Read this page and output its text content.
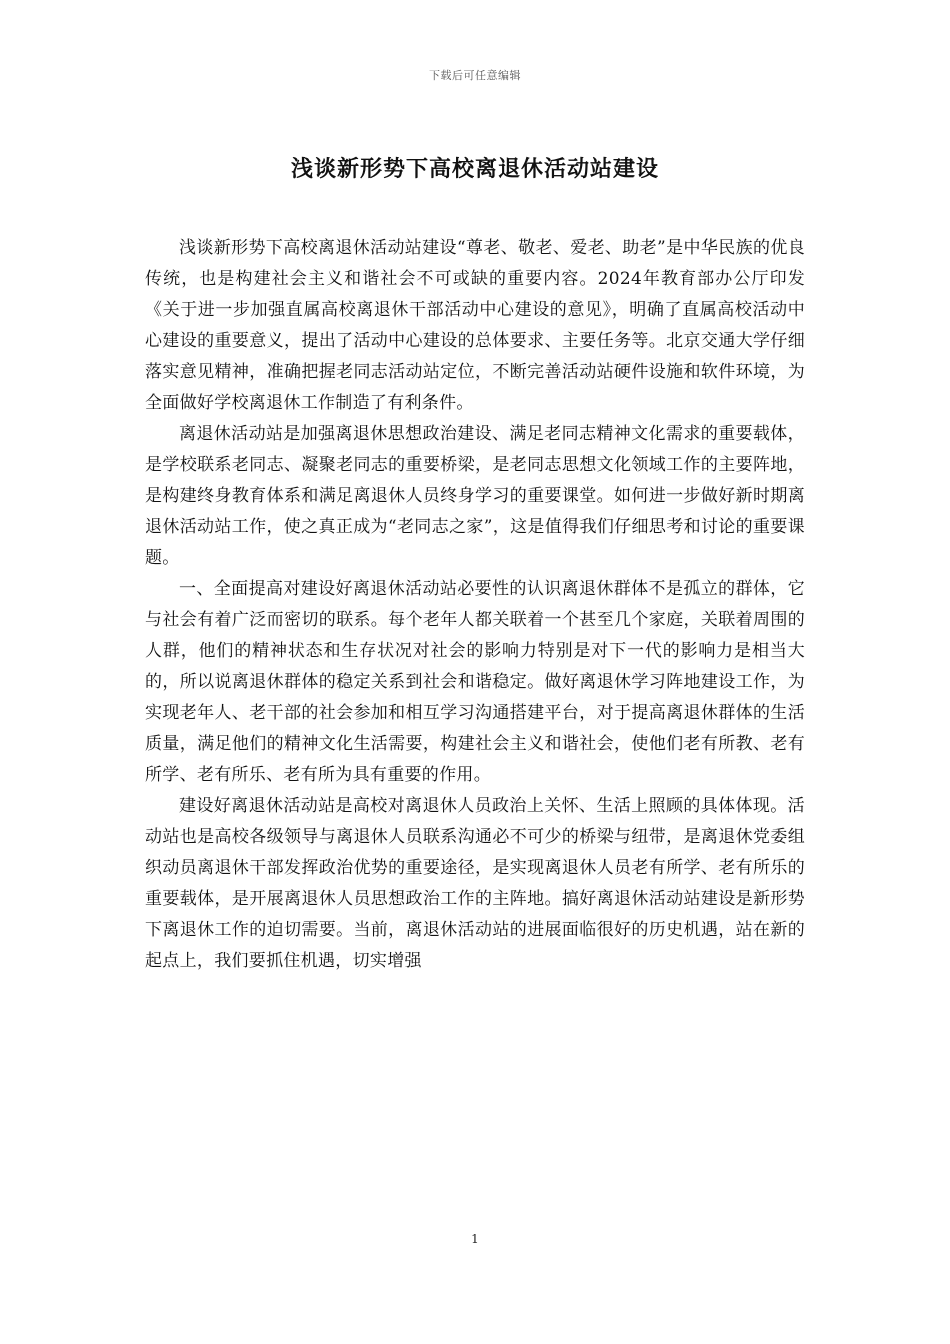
下载后可任意编辑
浅谈新形势下高校离退休活动站建设

浅谈新形势下高校离退休活动站建设“尊老、敬老、爱老、助老”是中华民族的优良传统，也是构建社会主义和谐社会不可或缺的重要内容。2024年教育部办公厅印发《关于进一步加强直属高校离退休干部活动中心建设的意见》，明确了直属高校活动中心建设的重要意义，提出了活动中心建设的总体要求、主要任务等。北京交通大学仔细落实意见精神，准确把握老同志活动站定位，不断完善活动站硬件设施和软件环境，为全面做好学校离退休工作制造了有利条件。

离退休活动站是加强离退休思想政治建设、满足老同志精神文化需求的重要载体，是学校联系老同志、凝聚老同志的重要桥梁，是老同志思想文化领域工作的主要阵地，是构建终身教育体系和满足离退休人员终身学习的重要课堂。如何进一步做好新时期离退休活动站工作，使之真正成为“老同志之家”，这是值得我们仔细思考和讨论的重要课题。

一、全面提高对建设好离退休活动站必要性的认识离退休群体不是孤立的群体，它与社会有着广泛而密切的联系。每个老年人都关联着一个甚至几个家庭，关联着周围的人群，他们的精神状态和生存状况对社会的影响力特别是对下一代的影响力是相当大的，所以说离退休群体的稳定关系到社会和谐稳定。做好离退休学习阵地建设工作，为实现老年人、老干部的社会参加和相互学习沟通搭建平台，对于提高离退休群体的生活质量，满足他们的精神文化生活需要，构建社会主义和谐社会，使他们老有所教、老有所学、老有所乐、老有所为具有重要的作用。

建设好离退休活动站是高校对离退休人员政治上关怀、生活上照顾的具体体现。活动站也是高校各级领导与离退休人员联系沟通必不可少的桥梁与纽带，是离退休党委组织动员离退休干部发挥政治优势的重要途径，是实现离退休人员老有所学、老有所乐的重要载体，是开展离退休人员思想政治工作的主阵地。搞好离退休活动站建设是新形势下离退休工作的迫切需要。当前，离退休活动站的进展面临很好的历史机遇，站在新的起点上，我们要抓住机遇，切实增强

1
